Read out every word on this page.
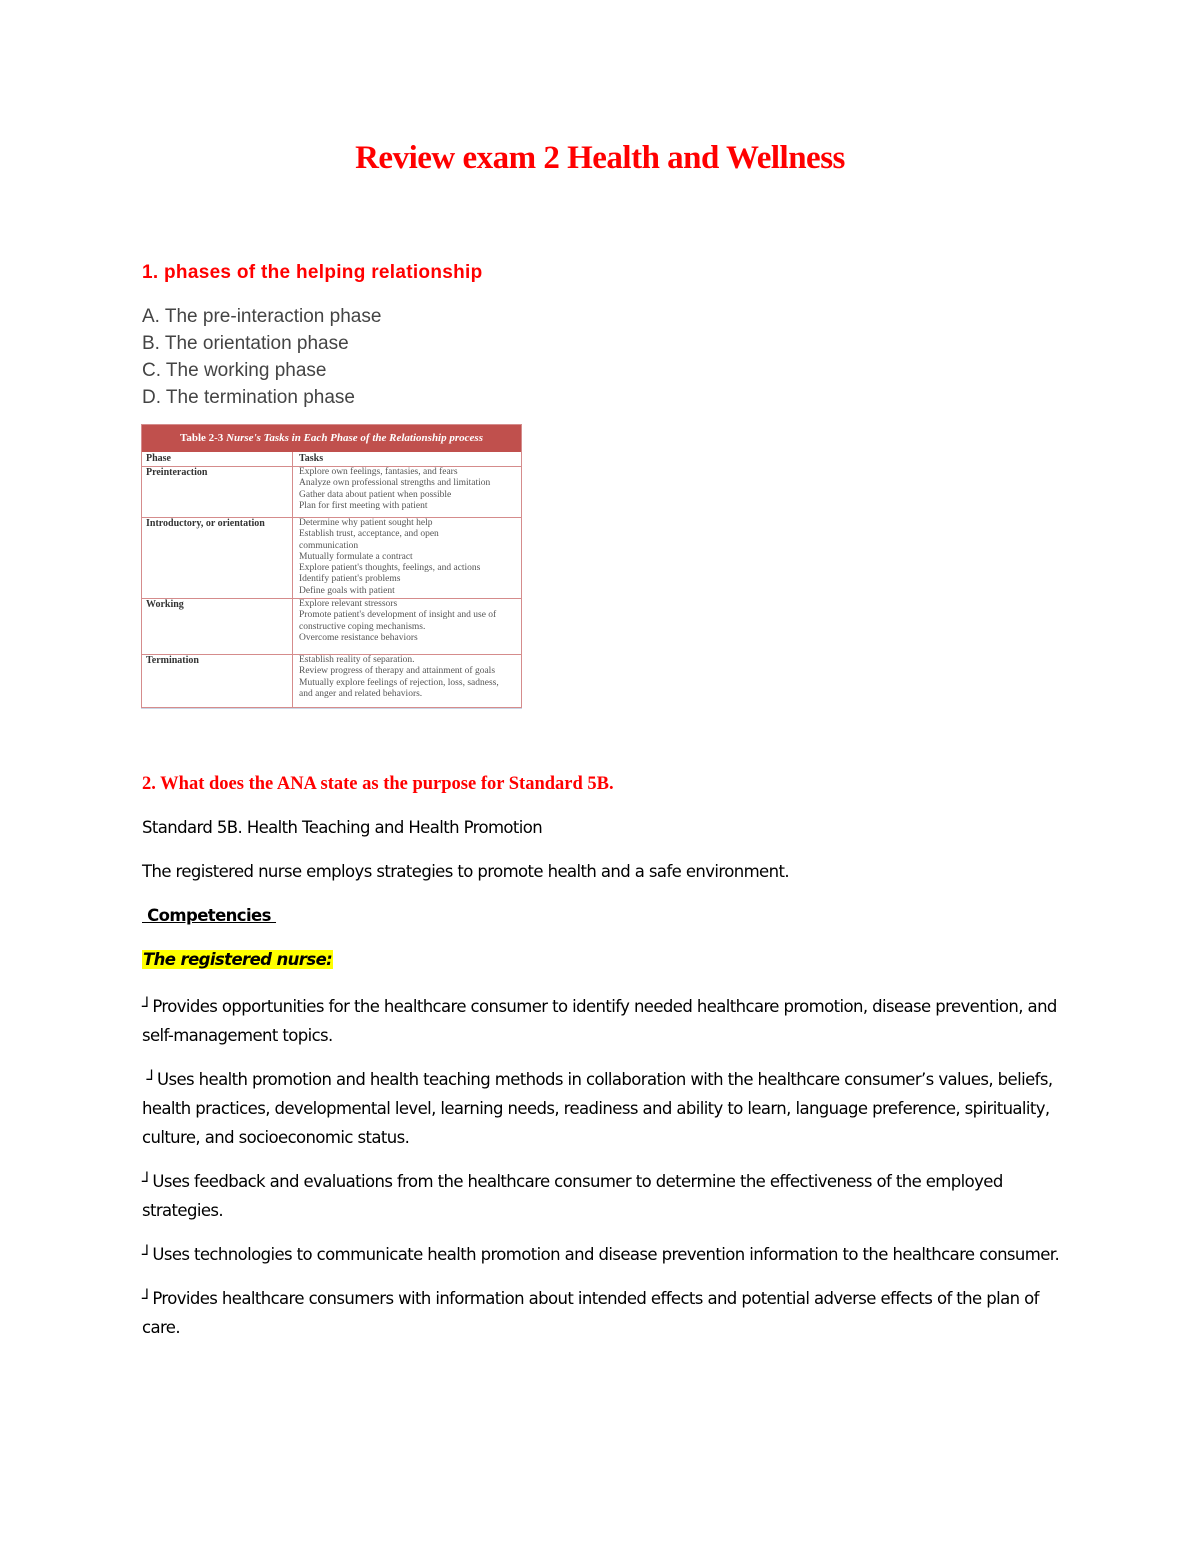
Review exam 2 Health and Wellness
1. phases of the helping relationship
A. The pre-interaction phase
B. The orientation phase
C. The working phase
D. The termination phase
Table 2-3 Nurse's Tasks in Each Phase of the Relationship process
Phase	Tasks
Preinteraction	Explore own feelings, fantasies, and fears
Analyze own professional strengths and limitation
Gather data about patient when possible
Plan for first meeting with patient
Introductory, or orientation	Determine why patient sought help
Establish trust, acceptance, and open
communication
Mutually formulate a contract
Explore patient's thoughts, feelings, and actions
Identify patient's problems
Define goals with patient
Working	Explore relevant stressors
Promote patient's development of insight and use of
constructive coping mechanisms.
Overcome resistance behaviors
Termination	Establish reality of separation.
Review progress of therapy and attainment of goals
Mutually explore feelings of rejection, loss, sadness,
and anger and related behaviors.
2. What does the ANA state as the purpose for Standard 5B.
Standard 5B. Health Teaching and Health Promotion
The registered nurse employs strategies to promote health and a safe environment.
Competencies
The registered nurse:
┘Provides opportunities for the healthcare consumer to identify needed healthcare promotion, disease prevention, and self-management topics.
┘Uses health promotion and health teaching methods in collaboration with the healthcare consumer’s values, beliefs, health practices, developmental level, learning needs, readiness and ability to learn, language preference, spirituality, culture, and socioeconomic status.
┘Uses feedback and evaluations from the healthcare consumer to determine the effectiveness of the employed strategies.
┘Uses technologies to communicate health promotion and disease prevention information to the healthcare consumer.
┘Provides healthcare consumers with information about intended effects and potential adverse effects of the plan of care.
